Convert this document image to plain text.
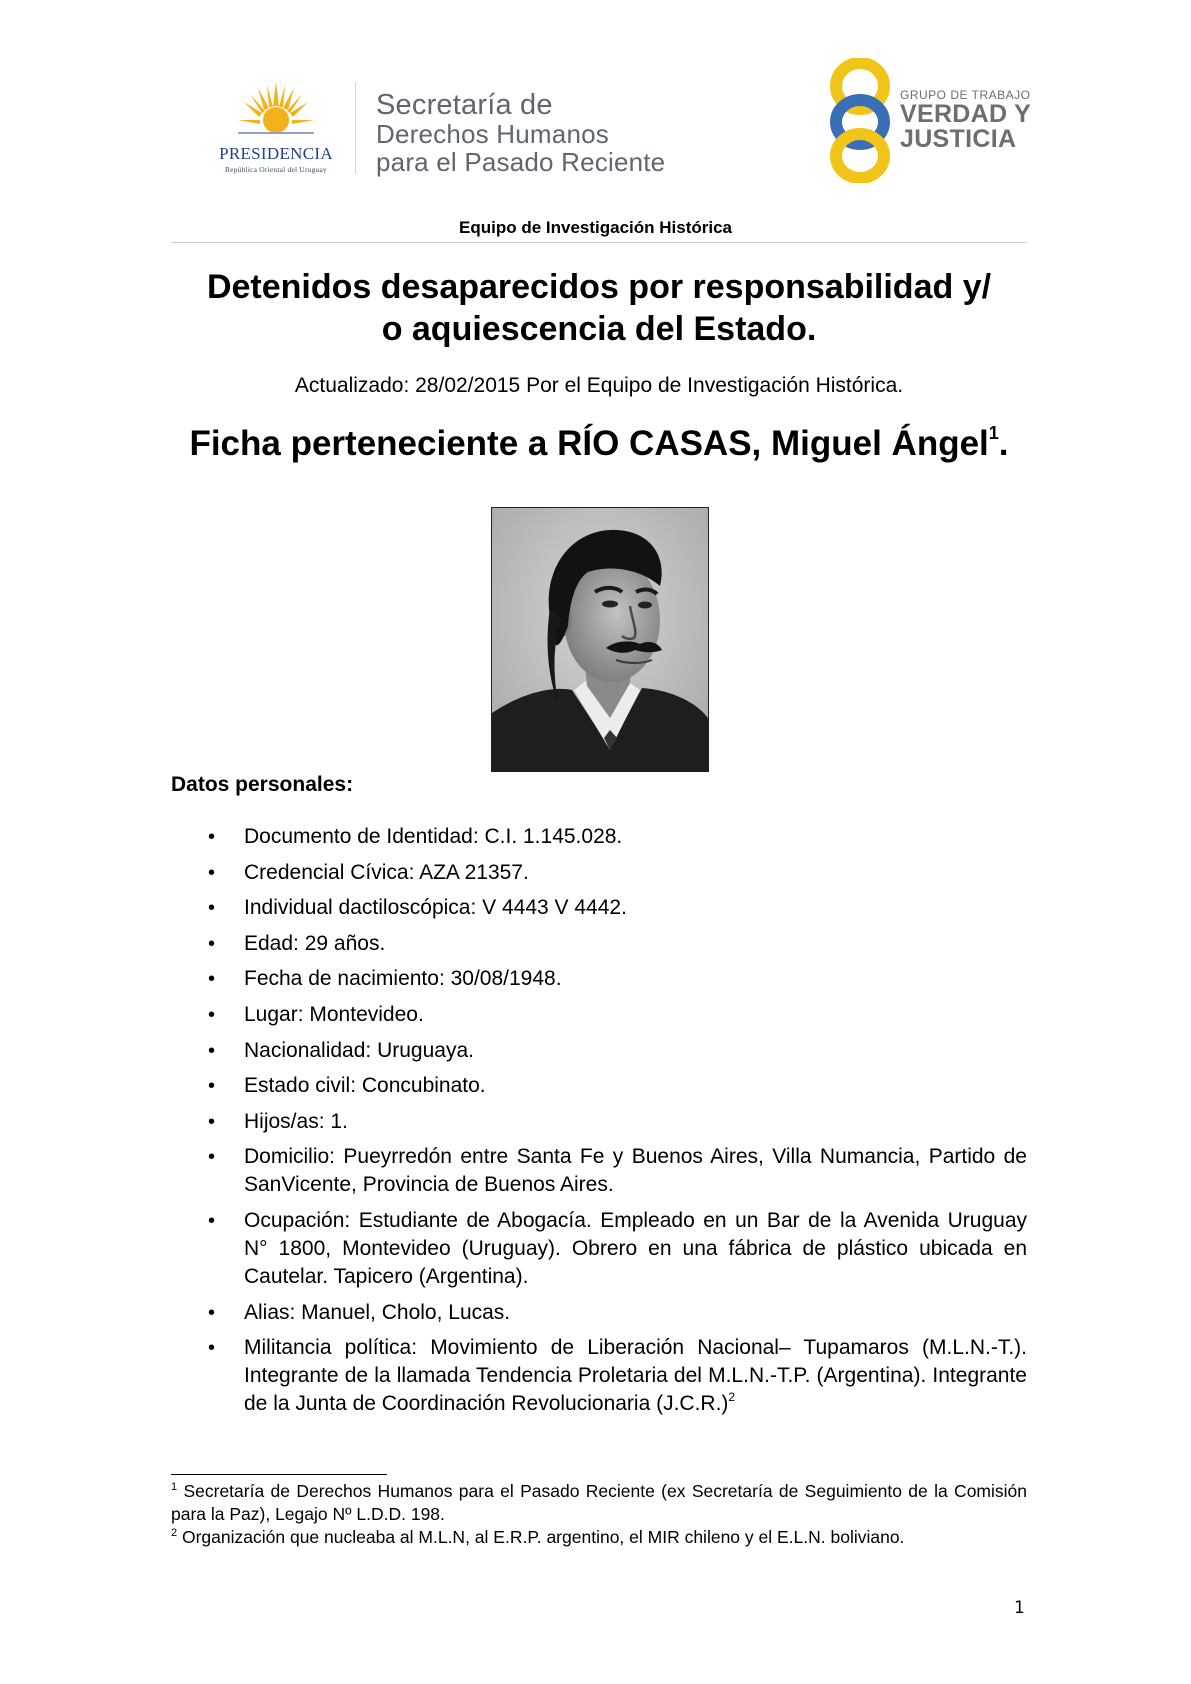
PRESIDENCIA
República Oriental del Uruguay
Secretaría de
Derechos Humanos
para el Pasado Reciente
GRUPO DE TRABAJO
VERDAD Y
JUSTICIA
Equipo de Investigación Histórica
Detenidos desaparecidos por responsabilidad y/
o aquiescencia del Estado.
Actualizado: 28/02/2015 Por el Equipo de Investigación Histórica.
Ficha perteneciente a RÍO CASAS, Miguel Ángel$^1$.
Datos personales:
• Documento de Identidad: C.I. 1.145.028.
• Credencial Cívica: AZA 21357.
• Individual dactiloscópica: V 4443 V 4442.
• Edad: 29 años.
• Fecha de nacimiento: 30/08/1948.
• Lugar: Montevideo.
• Nacionalidad: Uruguaya.
• Estado civil: Concubinato.
• Hijos/as: 1.
• Domicilio: Pueyrredón entre Santa Fe y Buenos Aires, Villa Numancia, Partido de SanVicente, Provincia de Buenos Aires.
• Ocupación: Estudiante de Abogacía. Empleado en un Bar de la Avenida Uruguay N° 1800, Montevideo (Uruguay). Obrero en una fábrica de plástico ubicada en Cautelar. Tapicero (Argentina).
• Alias: Manuel, Cholo, Lucas.
• Militancia política: Movimiento de Liberación Nacional– Tupamaros (M.L.N.-T.). Integrante de la llamada Tendencia Proletaria del M.L.N.-T.P. (Argentina). Integrante de la Junta de Coordinación Revolucionaria $(J.C.R.)^2$

$^1$ Secretaría de Derechos Humanos para el Pasado Reciente (ex Secretaría de Seguimiento de la Comisión para la Paz), Legajo Nº L.D.D. 198.

$^2$ Organización que nucleaba al M.L.N, al E.R.P. argentino, el MIR chileno y el E.L.N. boliviano.

1
